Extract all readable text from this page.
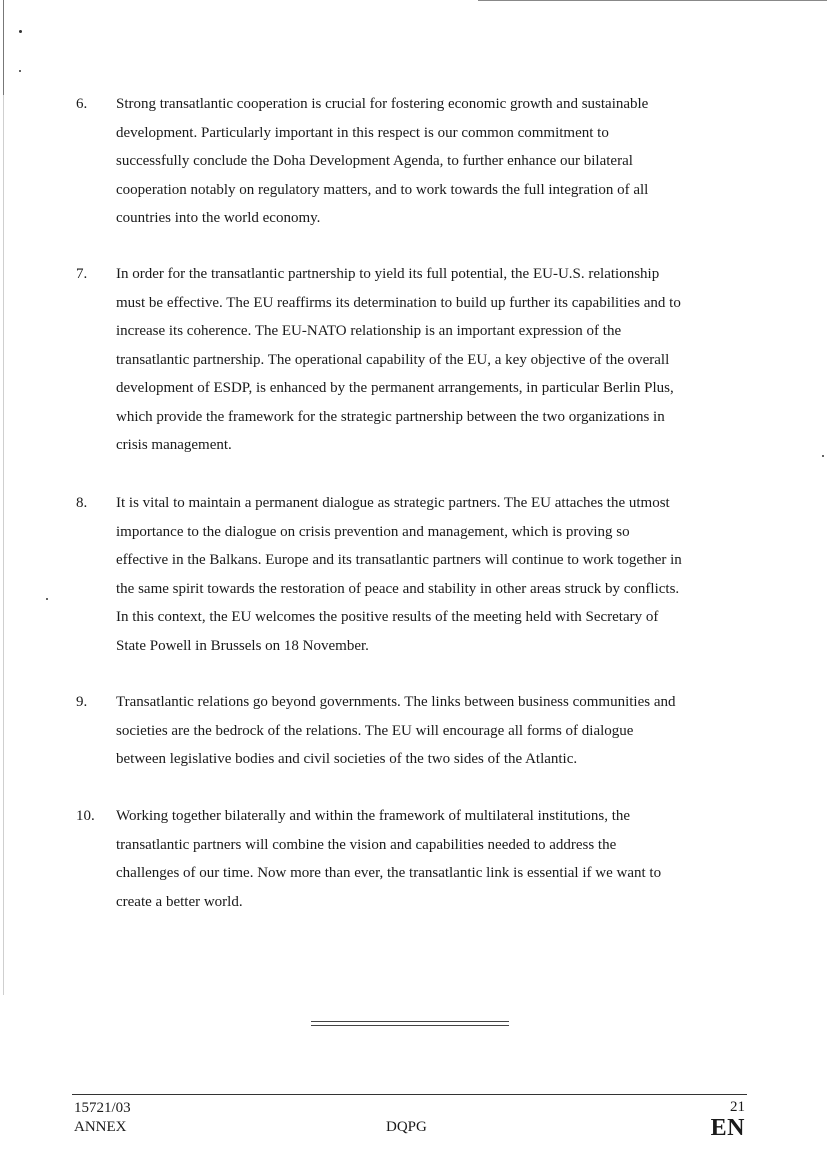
6. Strong transatlantic cooperation is crucial for fostering economic growth and sustainable
development. Particularly important in this respect is our common commitment to
successfully conclude the Doha Development Agenda, to further enhance our bilateral
cooperation notably on regulatory matters, and to work towards the full integration of all
countries into the world economy.
7. In order for the transatlantic partnership to yield its full potential, the EU-U.S. relationship
must be effective. The EU reaffirms its determination to build up further its capabilities and to
increase its coherence. The EU-NATO relationship is an important expression of the
transatlantic partnership. The operational capability of the EU, a key objective of the overall
development of ESDP, is enhanced by the permanent arrangements, in particular Berlin Plus,
which provide the framework for the strategic partnership between the two organizations in
crisis management.
8. It is vital to maintain a permanent dialogue as strategic partners. The EU attaches the utmost
importance to the dialogue on crisis prevention and management, which is proving so
effective in the Balkans. Europe and its transatlantic partners will continue to work together in
the same spirit towards the restoration of peace and stability in other areas struck by conflicts.
In this context, the EU welcomes the positive results of the meeting held with Secretary of
State Powell in Brussels on 18 November.
9. Transatlantic relations go beyond governments. The links between business communities and
societies are the bedrock of the relations. The EU will encourage all forms of dialogue
between legislative bodies and civil societies of the two sides of the Atlantic.
10. Working together bilaterally and within the framework of multilateral institutions, the
transatlantic partners will combine the vision and capabilities needed to address the
challenges of our time. Now more than ever, the transatlantic link is essential if we want to
create a better world.
15721/03
ANNEX	DQPG
21
EN
